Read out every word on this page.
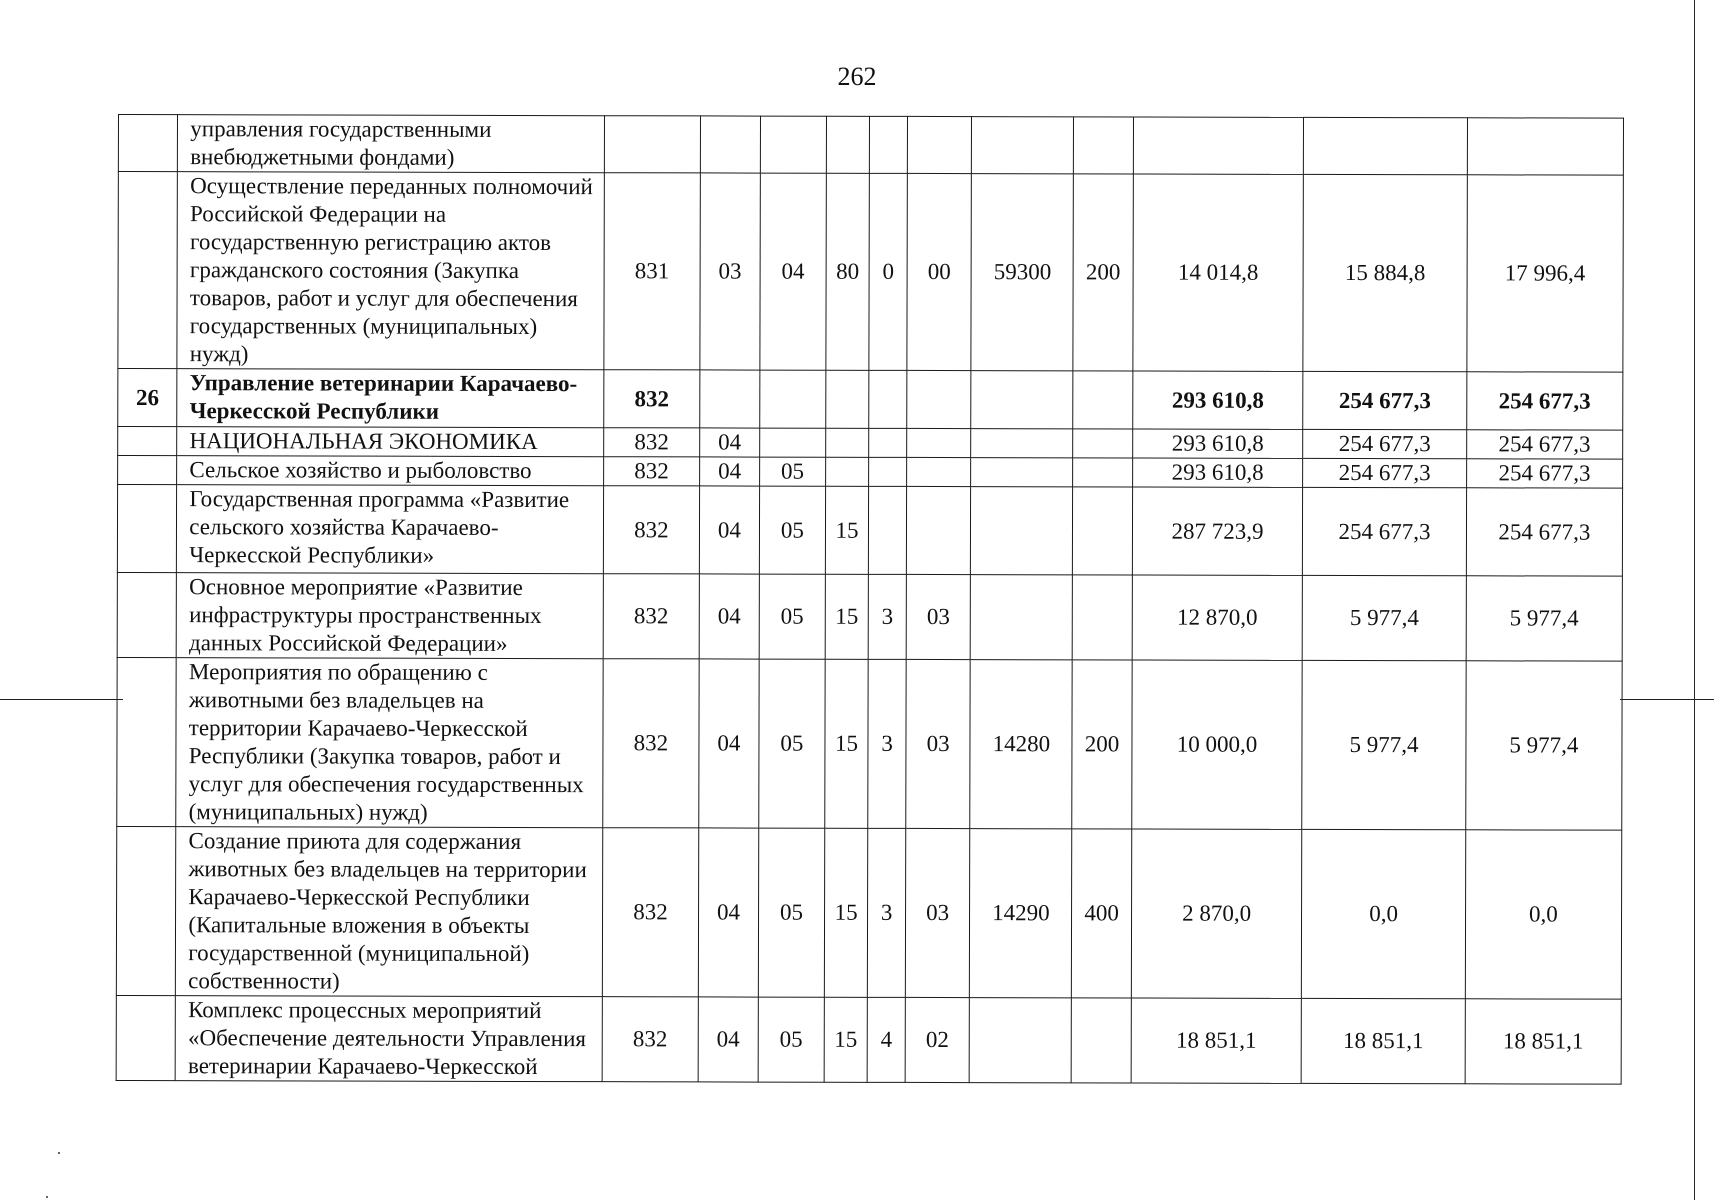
262
	управления государственными внебюджетными фондами)											
	Осуществление переданных полномочий Российской Федерации на государственную регистрацию актов гражданского состояния (Закупка товаров, работ и услуг для обеспечения государственных (муниципальных) нужд)	831	03	04	80	0	00	59300	200	14 014,8	15 884,8	17 996,4
26	Управление ветеринарии Карачаево-Черкесской Республики	832								293 610,8	254 677,3	254 677,3
	НАЦИОНАЛЬНАЯ ЭКОНОМИКА	832	04							293 610,8	254 677,3	254 677,3
	Сельское хозяйство и рыболовство	832	04	05						293 610,8	254 677,3	254 677,3
	Государственная программа «Развитие сельского хозяйства Карачаево-Черкесской Республики»	832	04	05	15					287 723,9	254 677,3	254 677,3
	Основное мероприятие «Развитие инфраструктуры пространственных данных Российской Федерации»	832	04	05	15	3	03			12 870,0	5 977,4	5 977,4
	Мероприятия по обращению с животными без владельцев на территории Карачаево-Черкесской Республики (Закупка товаров, работ и услуг для обеспечения государственных (муниципальных) нужд)	832	04	05	15	3	03	14280	200	10 000,0	5 977,4	5 977,4
	Создание приюта для содержания животных без владельцев на территории Карачаево-Черкесской Республики (Капитальные вложения в объекты государственной (муниципальной) собственности)	832	04	05	15	3	03	14290	400	2 870,0	0,0	0,0
	Комплекс процессных мероприятий «Обеспечение деятельности Управления ветеринарии Карачаево-Черкесской	832	04	05	15	4	02			18 851,1	18 851,1	18 851,1
